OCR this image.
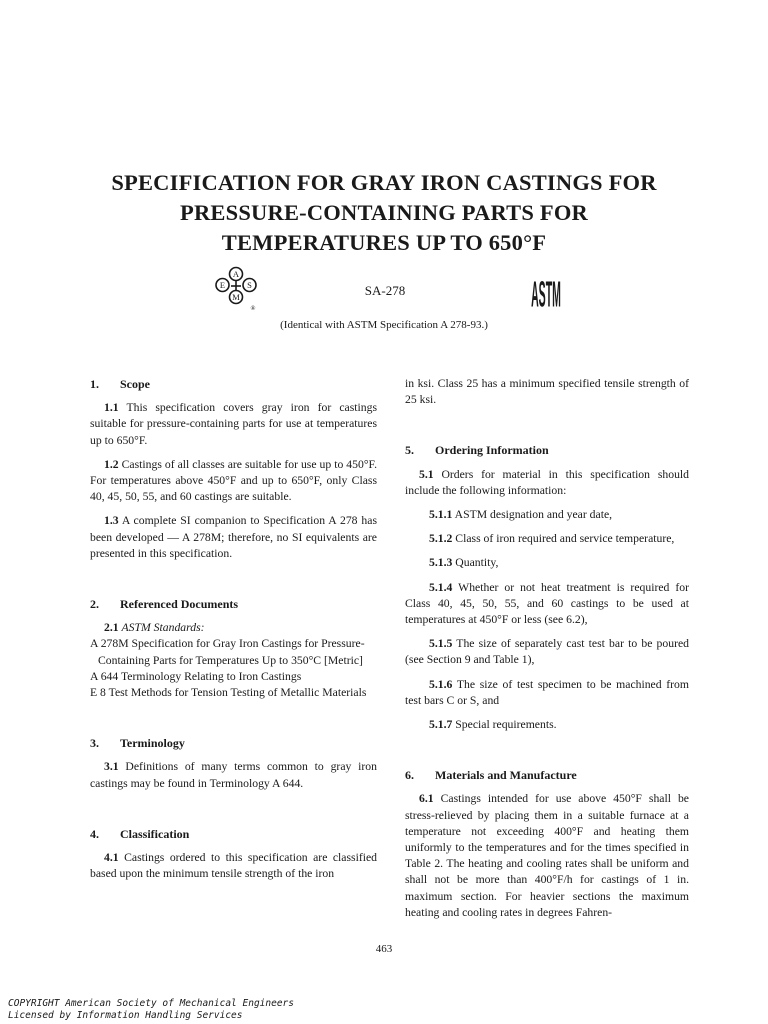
SPECIFICATION FOR GRAY IRON CASTINGS FOR
PRESSURE-CONTAINING PARTS FOR
TEMPERATURES UP TO 650°F
A
E	S
M
®
SA-278	ASTM
(Identical with ASTM Specification A 278-93.)
1. Scope

1.1 This specification covers gray iron for castings suitable for pressure-containing parts for use at temperatures up to 650°F.

1.2 Castings of all classes are suitable for use up to 450°F. For temperatures above 450°F and up to 650°F, only Class 40, 45, 50, 55, and 60 castings are suitable.

1.3 A complete SI companion to Specification A 278 has been developed — A 278M; therefore, no SI equivalents are presented in this specification.

2. Referenced Documents

2.1 ASTM Standards:

A 278M Specification for Gray Iron Castings for Pressure-Containing Parts for Temperatures Up to 350°C [Metric]

A 644 Terminology Relating to Iron Castings

E 8 Test Methods for Tension Testing of Metallic Materials

3. Terminology

3.1 Definitions of many terms common to gray iron castings may be found in Terminology A 644.

4. Classification

4.1 Castings ordered to this specification are classified based upon the minimum tensile strength of the iron

in ksi. Class 25 has a minimum specified tensile strength of 25 ksi.

5. Ordering Information

5.1 Orders for material in this specification should include the following information:

5.1.1 ASTM designation and year date,

5.1.2 Class of iron required and service temperature,

5.1.3 Quantity,

5.1.4 Whether or not heat treatment is required for Class 40, 45, 50, 55, and 60 castings to be used at temperatures at 450°F or less (see 6.2),

5.1.5 The size of separately cast test bar to be poured (see Section 9 and Table 1),

5.1.6 The size of test specimen to be machined from test bars C or S, and

5.1.7 Special requirements.

6. Materials and Manufacture

6.1 Castings intended for use above 450°F shall be stress-relieved by placing them in a suitable furnace at a temperature not exceeding 400°F and heating them uniformly to the temperatures and for the times specified in Table 2. The heating and cooling rates shall be uniform and shall not be more than 400°F/h for castings of 1 in. maximum section. For heavier sections the maximum heating and cooling rates in degrees Fahren-

463
COPYRIGHT American Society of Mechanical Engineers
Licensed by Information Handling Services
